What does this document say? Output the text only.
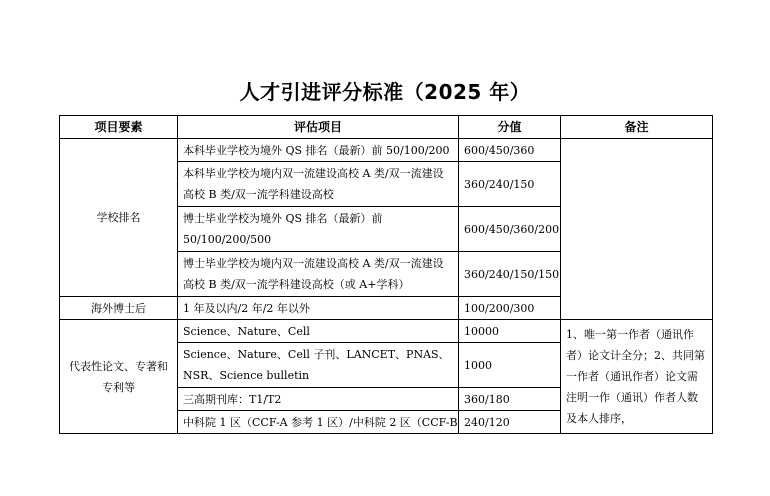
人才引进评分标准（2025 年）
项目要素	评估项目	分值	备注
学校排名	本科毕业学校为境外 QS 排名（最新）前 50/100/200	600/450/360	
	本科毕业学校为境内双一流建设高校 A 类/双一流建设高校 B 类/双一流学科建设高校	360/240/150	
	博士毕业学校为境外 QS 排名（最新）前 50/100/200/500	600/450/360/200	
	博士毕业学校为境内双一流建设高校 A 类/双一流建设高校 B 类/双一流学科建设高校（或 A+学科）	360/240/150/150	
海外博士后	1 年及以内/2 年/2 年以外	100/200/300	
代表性论文、专著和专利等	Science、Nature、Cell	10000	1、唯一第一作者（通讯作者）论文计全分；2、共同第一作者（通讯作者）论文需注明一作（通讯）作者人数及本人排序，
	Science、Nature、Cell 子刊、LANCET、PNAS、NSR、Science bulletin	1000	
	三高期刊库：T1/T2	360/180	
	中科院 1 区（CCF-A 参考 1 区）/中科院 2 区（CCF-B	240/120	
